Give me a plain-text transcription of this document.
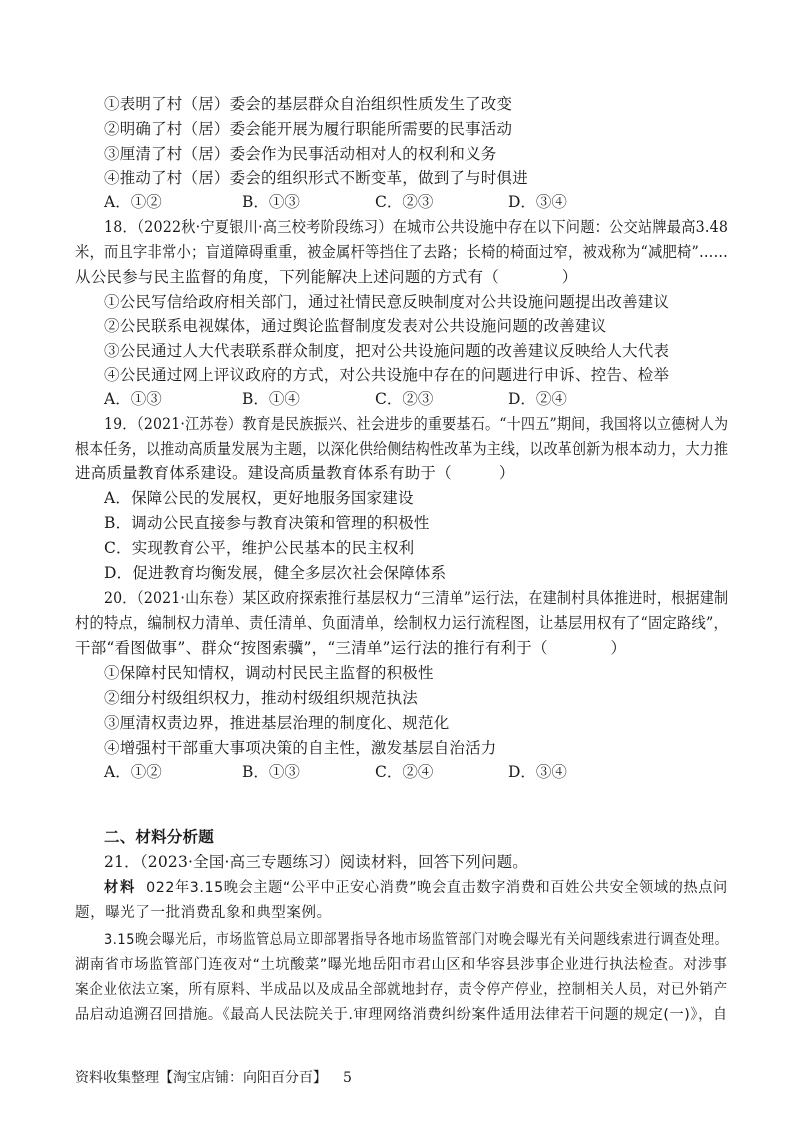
①表明了村（居）委会的基层群众自治组织性质发生了改变
②明确了村（居）委会能开展为履行职能所需要的民事活动
③厘清了村（居）委会作为民事活动相对人的权利和义务
④推动了村（居）委会的组织形式不断变革，做到了与时俱进
A．①②	B．①③	C．②③	D．③④
18．（2022秋·宁夏银川·高三校考阶段练习）在城市公共设施中存在以下问题：公交站牌最高3.48
米，而且字非常小；盲道障碍重重，被金属杆等挡住了去路；长椅的椅面过窄，被戏称为“减肥椅”……
从公民参与民主监督的角度，下列能解决上述问题的方式有（　　　　）
①公民写信给政府相关部门，通过社情民意反映制度对公共设施问题提出改善建议
②公民联系电视媒体，通过舆论监督制度发表对公共设施问题的改善建议
③公民通过人大代表联系群众制度，把对公共设施问题的改善建议反映给人大代表
④公民通过网上评议政府的方式，对公共设施中存在的问题进行申诉、控告、检举
A．①③	B．①④	C．②③	D．②④
19．（2021·江苏卷）教育是民族振兴、社会进步的重要基石。“十四五”期间，我国将以立德树人为
根本任务，以推动高质量发展为主题，以深化供给侧结构性改革为主线，以改革创新为根本动力，大力推
进高质量教育体系建设。建设高质量教育体系有助于（　　　）
A．保障公民的发展权，更好地服务国家建设
B．调动公民直接参与教育决策和管理的积极性
C．实现教育公平，维护公民基本的民主权利
D．促进教育均衡发展，健全多层次社会保障体系
20．（2021·山东卷）某区政府探索推行基层权力“三清单”运行法，在建制村具体推进时，根据建制
村的特点，编制权力清单、责任清单、负面清单，绘制权力运行流程图，让基层用权有了“固定路线”，
干部“看图做事”、群众“按图索骥”，“三清单”运行法的推行有利于（　　　　）
①保障村民知情权，调动村民民主监督的积极性
②细分村级组织权力，推动村级组织规范执法
③厘清权责边界，推进基层治理的制度化、规范化
④增强村干部重大事项决策的自主性，激发基层自治活力
A．①②	B．①③	C．②④	D．③④
二、材料分析题
21．（2023·全国·高三专题练习）阅读材料，回答下列问题。
材料 022年3.15晚会主题“公平中正安心消费”晚会直击数字消费和百姓公共安全领域的热点问
题，曝光了一批消费乱象和典型案例。
3.15晚会曝光后，市场监管总局立即部署指导各地市场监管部门对晚会曝光有关问题线索进行调查处理。
湖南省市场监管部门连夜对“土坑酸菜”曝光地岳阳市君山区和华容县涉事企业进行执法检查。对涉事
案企业依法立案，所有原料、半成品以及成品全部就地封存，责令停产停业，控制相关人员，对已外销产
品启动追溯召回措施。《最高人民法院关于.审理网络消费纠纷案件适用法律若干问题的规定(一)》，自
资料收集整理【淘宝店铺：向阳百分百】 5
